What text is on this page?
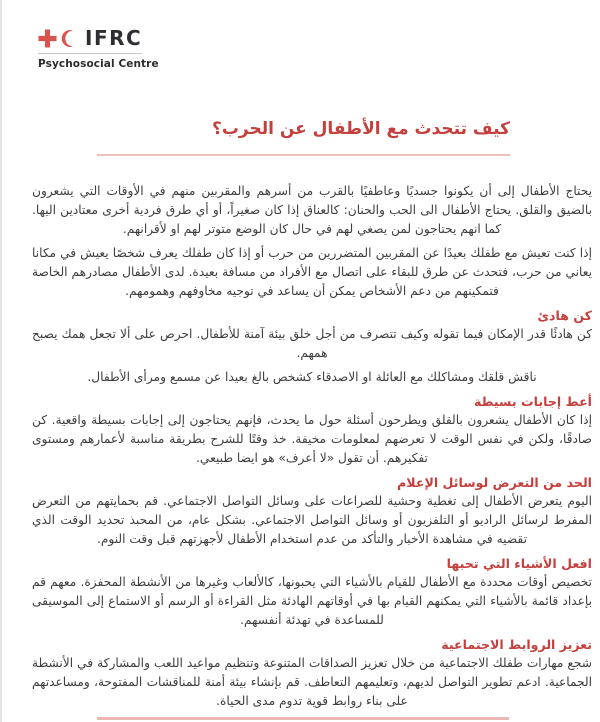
IFRC
Psychosocial Centre
كيف تتحدث مع الأطفال عن الحرب؟

يحتاج الأطفال إلى أن يكونوا جسديًا وعاطفيًا بالقرب من أسرهم والمقربين منهم في الأوقات التي يشعرون بالضيق والقلق. يحتاج الأطفال الى الحب والحنان: كالعناق إذا كان صغيراً، أو أي طرق فردية أخرى معتادين اليها. كما انهم يحتاجون لمن يصغي لهم في حال كان الوضع متوتر لهم او لأقرانهم.

إذا كنت تعيش مع طفلك بعيدًا عن المقربين المتضررين من حرب أو إذا كان طفلك يعرف شخصًا يعيش في مكانا يعاني من حرب، فتحدث عن طرق للبقاء على اتصال مع الأفراد من مسافة بعيدة. لدى الأطفال مصادرهم الخاصة فتمكينهم من دعم الأشخاص يمكن أن يساعد في توجيه مخاوفهم وهمومهم.

كن هادئ

كن هادئًا قدر الإمكان فيما تقوله وكيف تتصرف من أجل خلق بيئة آمنة للأطفال. احرص على ألا تجعل همك يصبح همهم.

ناقش قلقك ومشاكلك مع العائلة او الاصدقاء كشخص بالغ بعيدا عن مسمع ومرأى الأطفال.

أعط إجابات بسيطة

إذا كان الأطفال يشعرون بالقلق ويطرحون أسئلة حول ما يحدث، فإنهم يحتاجون إلى إجابات بسيطة واقعية. كن صادقًا، ولكن في نفس الوقت لا تعرضهم لمعلومات مخيفة. خذ وقتًا للشرح بطريقة مناسبة لأعمارهم ومستوى تفكيرهم. أن تقول «لا أعرف» هو ايضا طبيعي.

الحد من التعرض لوسائل الإعلام

اليوم يتعرض الأطفال إلى تغطية وحشية للصراعات على وسائل التواصل الاجتماعي. قم بحمايتهم من التعرض المفرط لرسائل الراديو أو التلفزيون أو وسائل التواصل الاجتماعي. بشكل عام، من المحبذ تحديد الوقت الذي تقضيه في مشاهدة الأخبار والتأكد من عدم استخدام الأطفال لأجهزتهم قبل وقت النوم.

افعل الأشياء التي تحبها

تخصيص أوقات محددة مع الأطفال للقيام بالأشياء التي يحبونها، كالألعاب وغيرها من الأنشطة المحفزة. معهم قم بإعداد قائمة بالأشياء التي يمكنهم القيام بها في أوقاتهم الهادئة مثل القراءة أو الرسم أو الاستماع إلى الموسيقى للمساعدة في تهدئة أنفسهم.

تعزيز الروابط الاجتماعية

شجع مهارات طفلك الاجتماعية من خلال تعزيز الصداقات المتنوعة وتنظيم مواعيد اللعب والمشاركة في الأنشطة الجماعية. ادعم تطوير التواصل لديهم، وتعليمهم التعاطف. قم بإنشاء بيئة أمنة للمناقشات المفتوحة، ومساعدتهم على بناء روابط قوية تدوم مدى الحياة.
